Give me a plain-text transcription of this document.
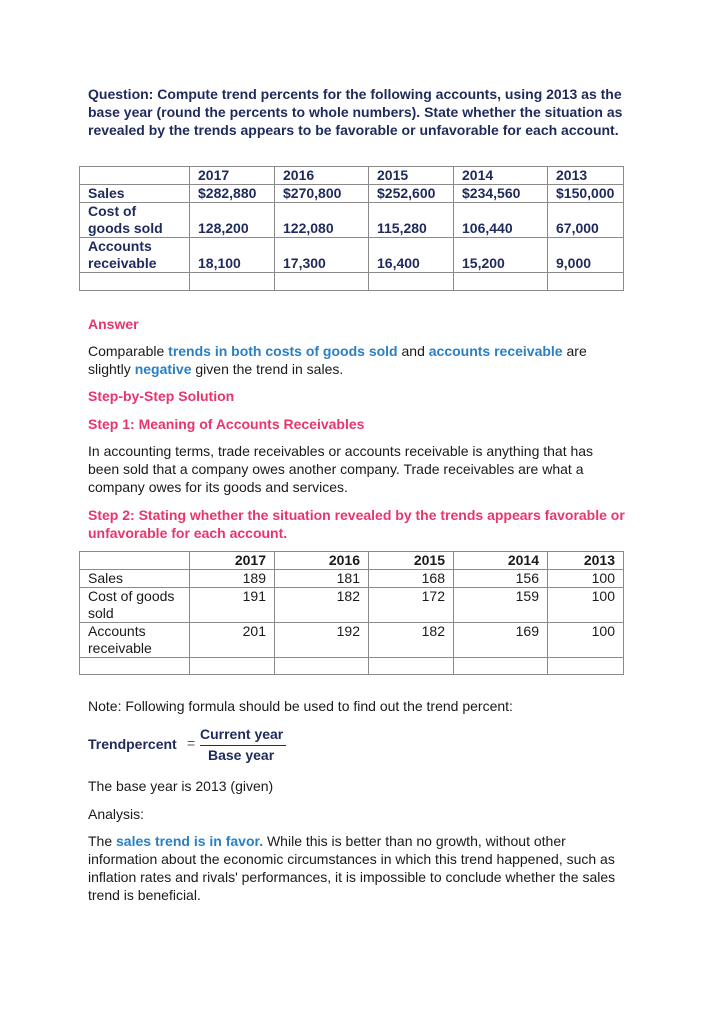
Question: Compute trend percents for the following accounts, using 2013 as the base year (round the percents to whole numbers). State whether the situation as revealed by the trends appears to be favorable or unfavorable for each account.
	2017	2016	2015	2014	2013
Sales	$282,880	$270,800	$252,600	$234,560	$150,000
Cost of goods sold	128,200	122,080	115,280	106,440	67,000
Accounts receivable	18,100	17,300	16,400	15,200	9,000

Answer
Comparable trends in both costs of goods sold and accounts receivable are slightly negative given the trend in sales.
Step-by-Step Solution
Step 1: Meaning of Accounts Receivables
In accounting terms, trade receivables or accounts receivable is anything that has been sold that a company owes another company. Trade receivables are what a company owes for its goods and services.
Step 2: Stating whether the situation revealed by the trends appears favorable or unfavorable for each account.
	2017	2016	2015	2014	2013
Sales	189	181	168	156	100
Cost of goods sold	191	182	172	159	100
Accounts receivable	201	192	182	169	100

Note: Following formula should be used to find out the trend percent:
Trendpercent =
Current year
Base year
The base year is 2013 (given)
Analysis:
The sales trend is in favor. While this is better than no growth, without other information about the economic circumstances in which this trend happened, such as inflation rates and rivals' performances, it is impossible to conclude whether the sales trend is beneficial.
